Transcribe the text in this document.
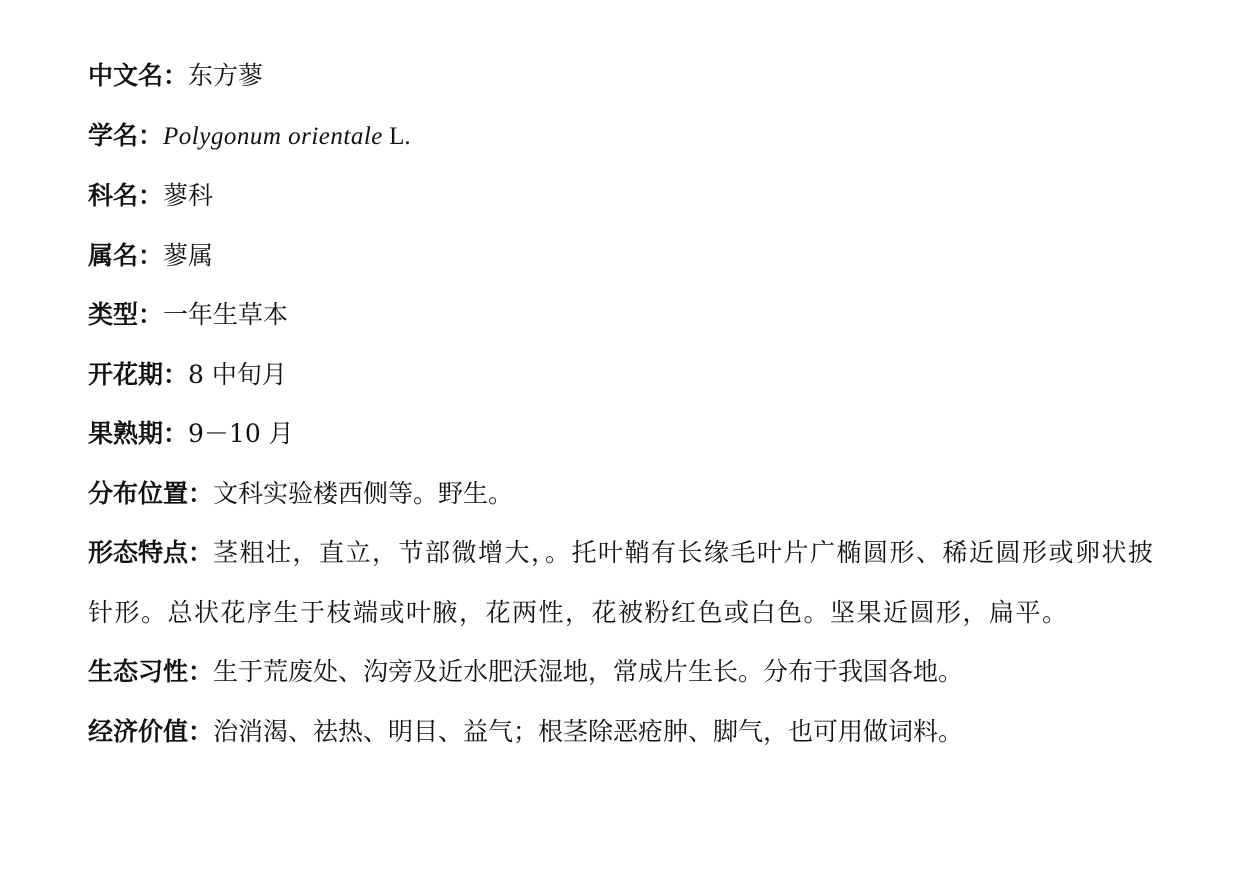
中文名：东方蓼
学名：Polygonum orientale L.
科名：蓼科
属名：蓼属
类型：一年生草本
开花期：8 中旬月
果熟期：9－10 月
分布位置：文科实验楼西侧等。野生。
形态特点：茎粗壮，直立，节部微增大，。托叶鞘有长缘毛叶片广椭圆形、稀近圆形或卵状披针形。总状花序生于枝端或叶腋，花两性，花被粉红色或白色。坚果近圆形，扁平。
生态习性：生于荒废处、沟旁及近水肥沃湿地，常成片生长。分布于我国各地。
经济价值：治消渴、祛热、明目、益气；根茎除恶疮肿、脚气，也可用做词料。
